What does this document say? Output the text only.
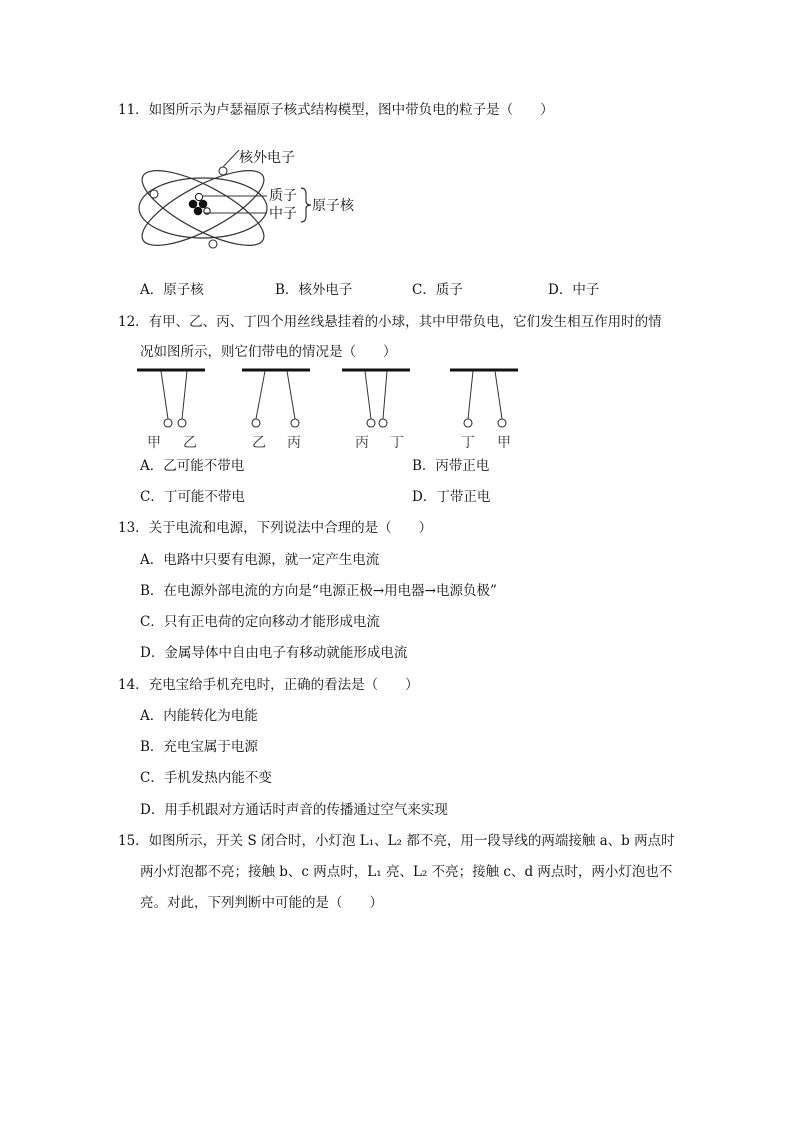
11．如图所示为卢瑟福原子核式结构模型，图中带负电的粒子是（　　）
核外电子
质子
中子 原子核
A．原子核	B．核外电子	C．质子	D．中子
12．有甲、乙、丙、丁四个用丝线悬挂着的小球，其中甲带负电，它们发生相互作用时的情
况如图所示，则它们带电的情况是（　　）
甲 乙	乙 丙	丙 丁	丁 甲
A．乙可能不带电	B．丙带正电
C．丁可能不带电	D．丁带正电
13．关于电流和电源，下列说法中合理的是（　　）
A．电路中只要有电源，就一定产生电流
B．在电源外部电流的方向是“电源正极→用电器→电源负极”
C．只有正电荷的定向移动才能形成电流
D．金属导体中自由电子有移动就能形成电流
14．充电宝给手机充电时，正确的看法是（　　）
A．内能转化为电能
B．充电宝属于电源
C．手机发热内能不变
D．用手机跟对方通话时声音的传播通过空气来实现
15．如图所示，开关 S 闭合时，小灯泡 L₁、L₂ 都不亮，用一段导线的两端接触 a、b 两点时
两小灯泡都不亮；接触 b、c 两点时，L₁ 亮、L₂ 不亮；接触 c、d 两点时，两小灯泡也不
亮。对此，下列判断中可能的是（　　）
